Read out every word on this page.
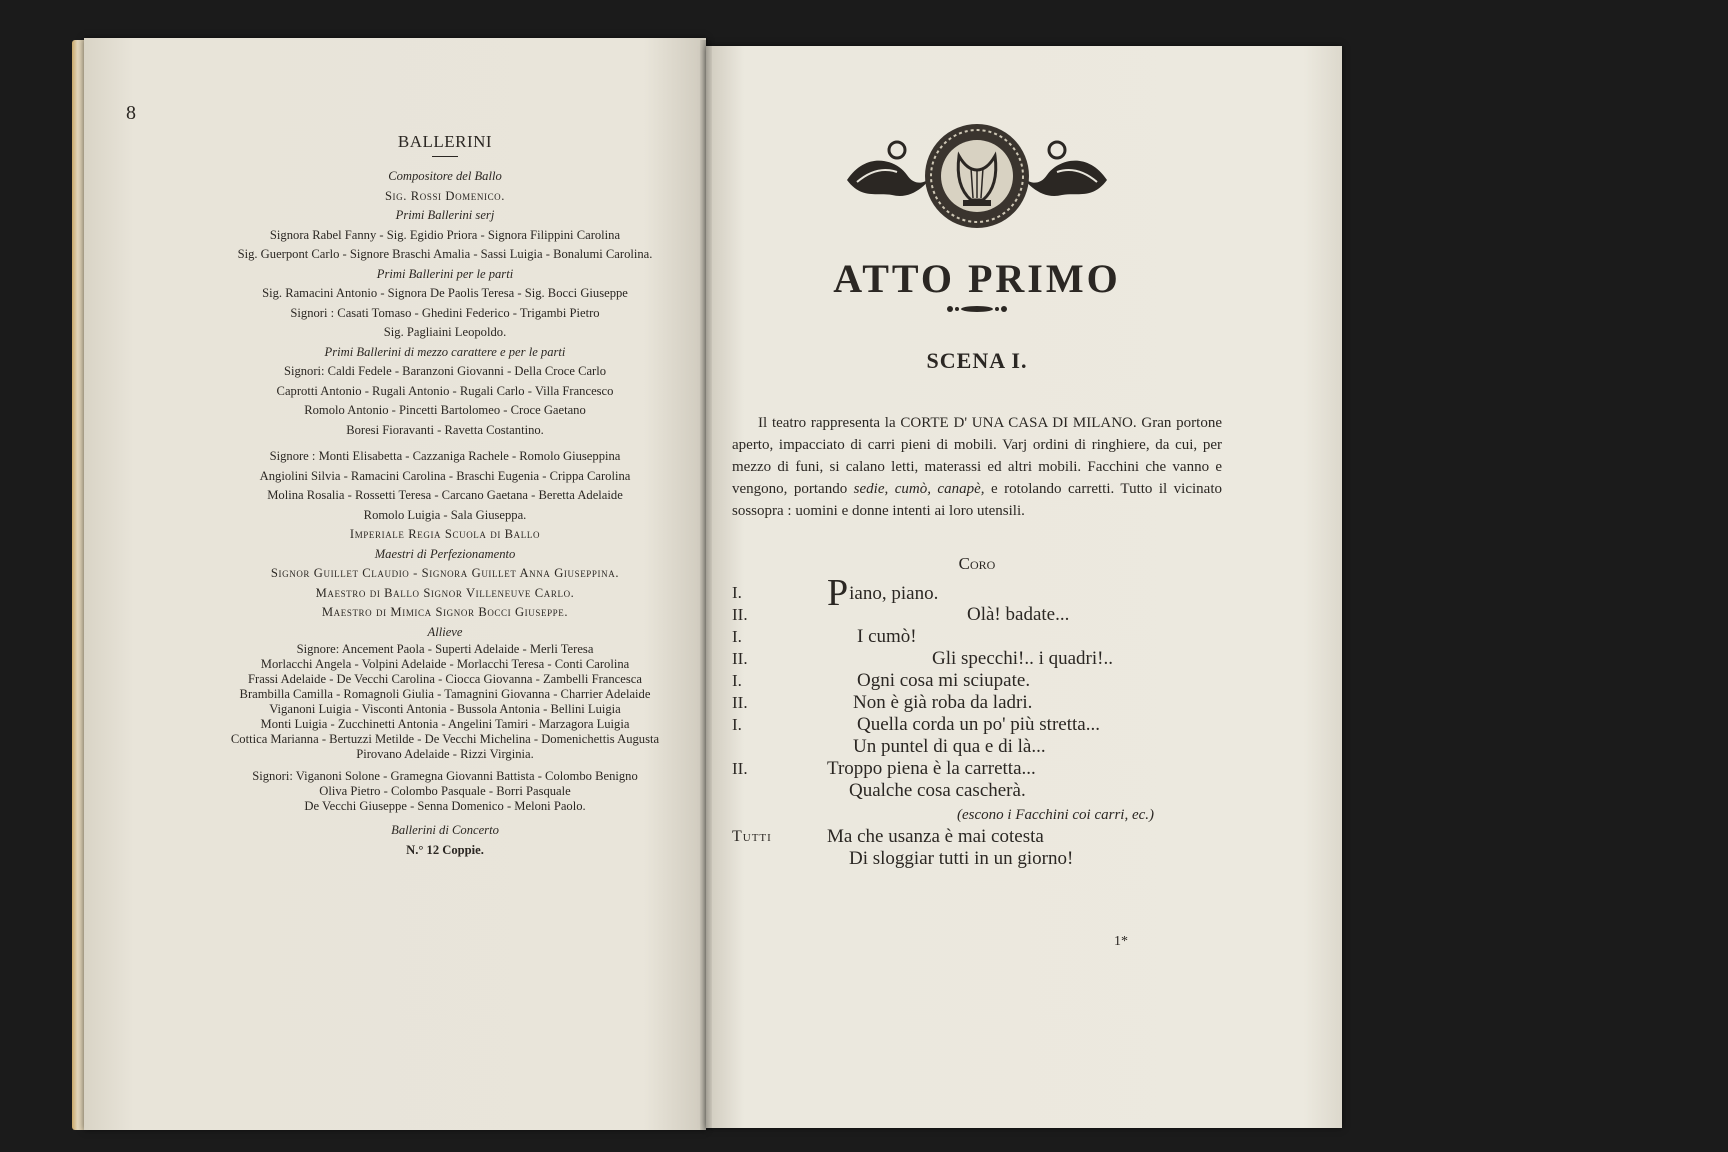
8
BALLERINI
Compositore del Ballo
Sig. Rossi Domenico.
Primi Ballerini serj
Signora Rabel Fanny - Sig. Egidio Priora - Signora Filippini Carolina
Sig. Guerpont Carlo - Signore Braschi Amalia - Sassi Luigia - Bonalumi Carolina.
Primi Ballerini per le parti
Sig. Ramacini Antonio - Signora De Paolis Teresa - Sig. Bocci Giuseppe
Signori : Casati Tomaso - Ghedini Federico - Trigambi Pietro
Sig. Pagliaini Leopoldo.
Primi Ballerini di mezzo carattere e per le parti
Signori: Caldi Fedele - Baranzoni Giovanni - Della Croce Carlo
Caprotti Antonio - Rugali Antonio - Rugali Carlo - Villa Francesco
Romolo Antonio - Pincetti Bartolomeo - Croce Gaetano
Boresi Fioravanti - Ravetta Costantino.
Signore : Monti Elisabetta - Cazzaniga Rachele - Romolo Giuseppina
Angiolini Silvia - Ramacini Carolina - Braschi Eugenia - Crippa Carolina
Molina Rosalia - Rossetti Teresa - Carcano Gaetana - Beretta Adelaide
Romolo Luigia - Sala Giuseppa.
Imperiale Regia Scuola di Ballo
Maestri di Perfezionamento
Signor Guillet Claudio - Signora Guillet Anna Giuseppina.
Maestro di Ballo Signor Villeneuve Carlo.
Maestro di Mimica Signor Bocci Giuseppe.
Allieve
Signore: Ancement Paola - Superti Adelaide - Merli Teresa
Morlacchi Angela - Volpini Adelaide - Morlacchi Teresa - Conti Carolina
Frassi Adelaide - De Vecchi Carolina - Ciocca Giovanna - Zambelli Francesca
Brambilla Camilla - Romagnoli Giulia - Tamagnini Giovanna - Charrier Adelaide
Viganoni Luigia - Visconti Antonia - Bussola Antonia - Bellini Luigia
Monti Luigia - Zucchinetti Antonia - Angelini Tamiri - Marzagora Luigia
Cottica Marianna - Bertuzzi Metilde - De Vecchi Michelina - Domenichettis Augusta
Pirovano Adelaide - Rizzi Virginia.
Signori: Viganoni Solone - Gramegna Giovanni Battista - Colombo Benigno
Oliva Pietro - Colombo Pasquale - Borri Pasquale
De Vecchi Giuseppe - Senna Domenico - Meloni Paolo.
Ballerini di Concerto
N.° 12 Coppie.
ATTO PRIMO
SCENA I.
Il teatro rappresenta la CORTE D' UNA CASA DI MILANO. Gran portone aperto, impacciato di carri pieni di mobili. Varj ordini di ringhiere, da cui, per mezzo di funi, si calano letti, materassi ed altri mobili. Facchini che vanno e vengono, portando sedie, cumò, canapè, e rotolando carretti. Tutto il vicinato sossopra : uomini e donne intenti ai loro utensili.
Coro
I.	Piano, piano.
II.	Olà! badate...
I.	I cumò!
II.	Gli specchi!.. i quadri!..
I.	Ogni cosa mi sciupate.
II.	Non è già roba da ladri.
I.	Quella corda un po' più stretta...
Un puntel di qua e di là...
II.	Troppo piena è la carretta...
Qualche cosa cascherà.
(escono i Facchini coi carri, ec.)
Tutti	Ma che usanza è mai cotesta
Di sloggiar tutti in un giorno!
1*
